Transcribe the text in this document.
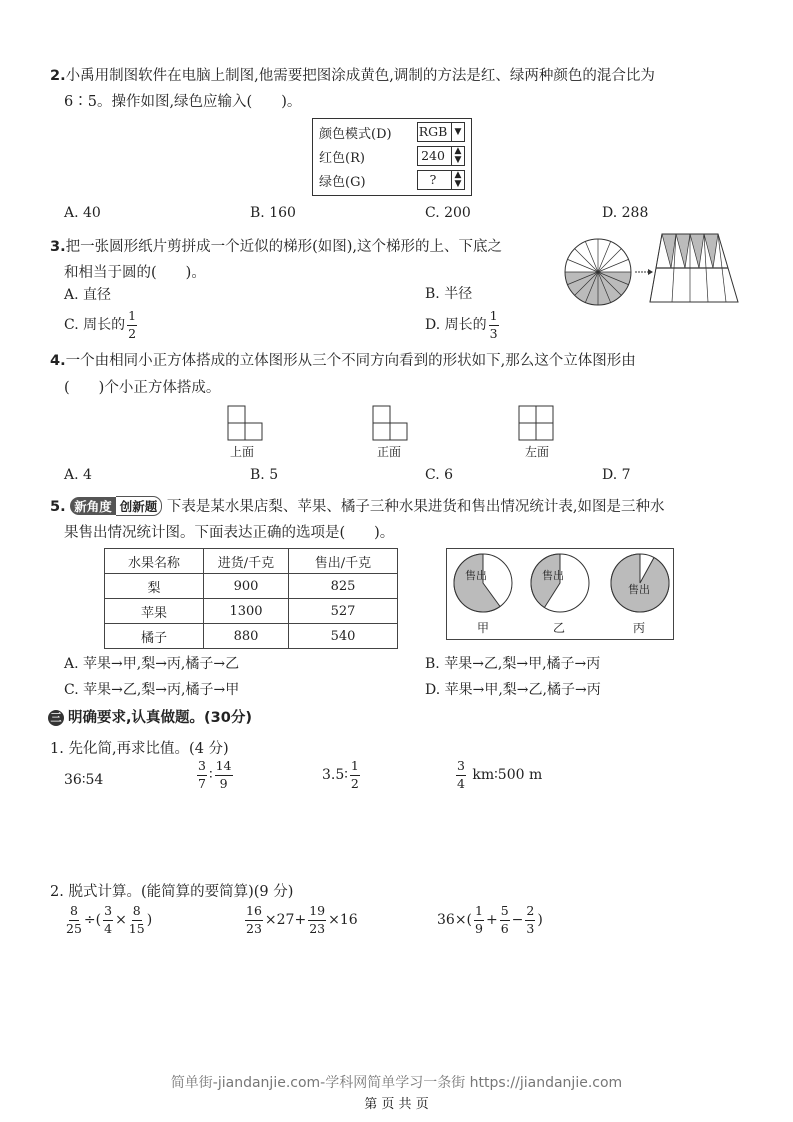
2.小禹用制图软件在电脑上制图,他需要把图涂成黄色,调制的方法是红、绿两种颜色的混合比为
6∶5。操作如图,绿色应输入(　　)。
颜色模式(D) RGB ▼
红色(R)	240	▲
▼
绿色(G)	?	▲
▼
A. 40	B. 160	C. 200	D. 288
3.把一张圆形纸片剪拼成一个近似的梯形(如图),这个梯形的上、下底之
和相当于圆的(　　)。
A. 直径	B. 半径
C. 周长的 $\frac{1}{2}$	D. 周长的 $\frac{1}{3}$
4.一个由相同小正方体搭成的立体图形从三个不同方向看到的形状如下,那么这个立体图形由
(　　)个小正方体搭成。
上面	正面	左面
A. 4	B. 5	C. 6	D. 7
5. 新角度 创新题 下表是某水果店梨、苹果、橘子三种水果进货和售出情况统计表,如图是三种水
果售出情况统计图。下面表达正确的选项是(　　)。
水果名称	进货/千克	售出/千克
梨	900	825
苹果	1300	527
橘子	880	540
售出	售出
售出
甲	乙	丙
A. 苹果→甲,梨→丙,橘子→乙	B. 苹果→乙,梨→甲,橘子→丙
C. 苹果→乙,梨→丙,橘子→甲	D. 苹果→甲,梨→乙,橘子→丙
三 明确要求,认真做题。(30分)
1. 先化简,再求比值。(4 分)
36∶54	$\frac{3}{7}$ ∶ $\frac{14}{9}$	3.5∶ $\frac{1}{2}$	$\frac{3}{4}$ km∶500 m
2. 脱式计算。(能简算的要简算)(9 分)
$\frac{8}{25}$ ÷( $\frac{3}{4} \times \frac{8}{15}$ )	$\frac{16}{23} \times 27+ \frac{19}{23} \times 16$	$36\times( \frac{1}{9} + \frac{5}{6} - \frac{2}{3}$ )
简单街-jiandanjie.com-学科网简单学习一条街 https://jiandanjie.com
第 页 共 页
